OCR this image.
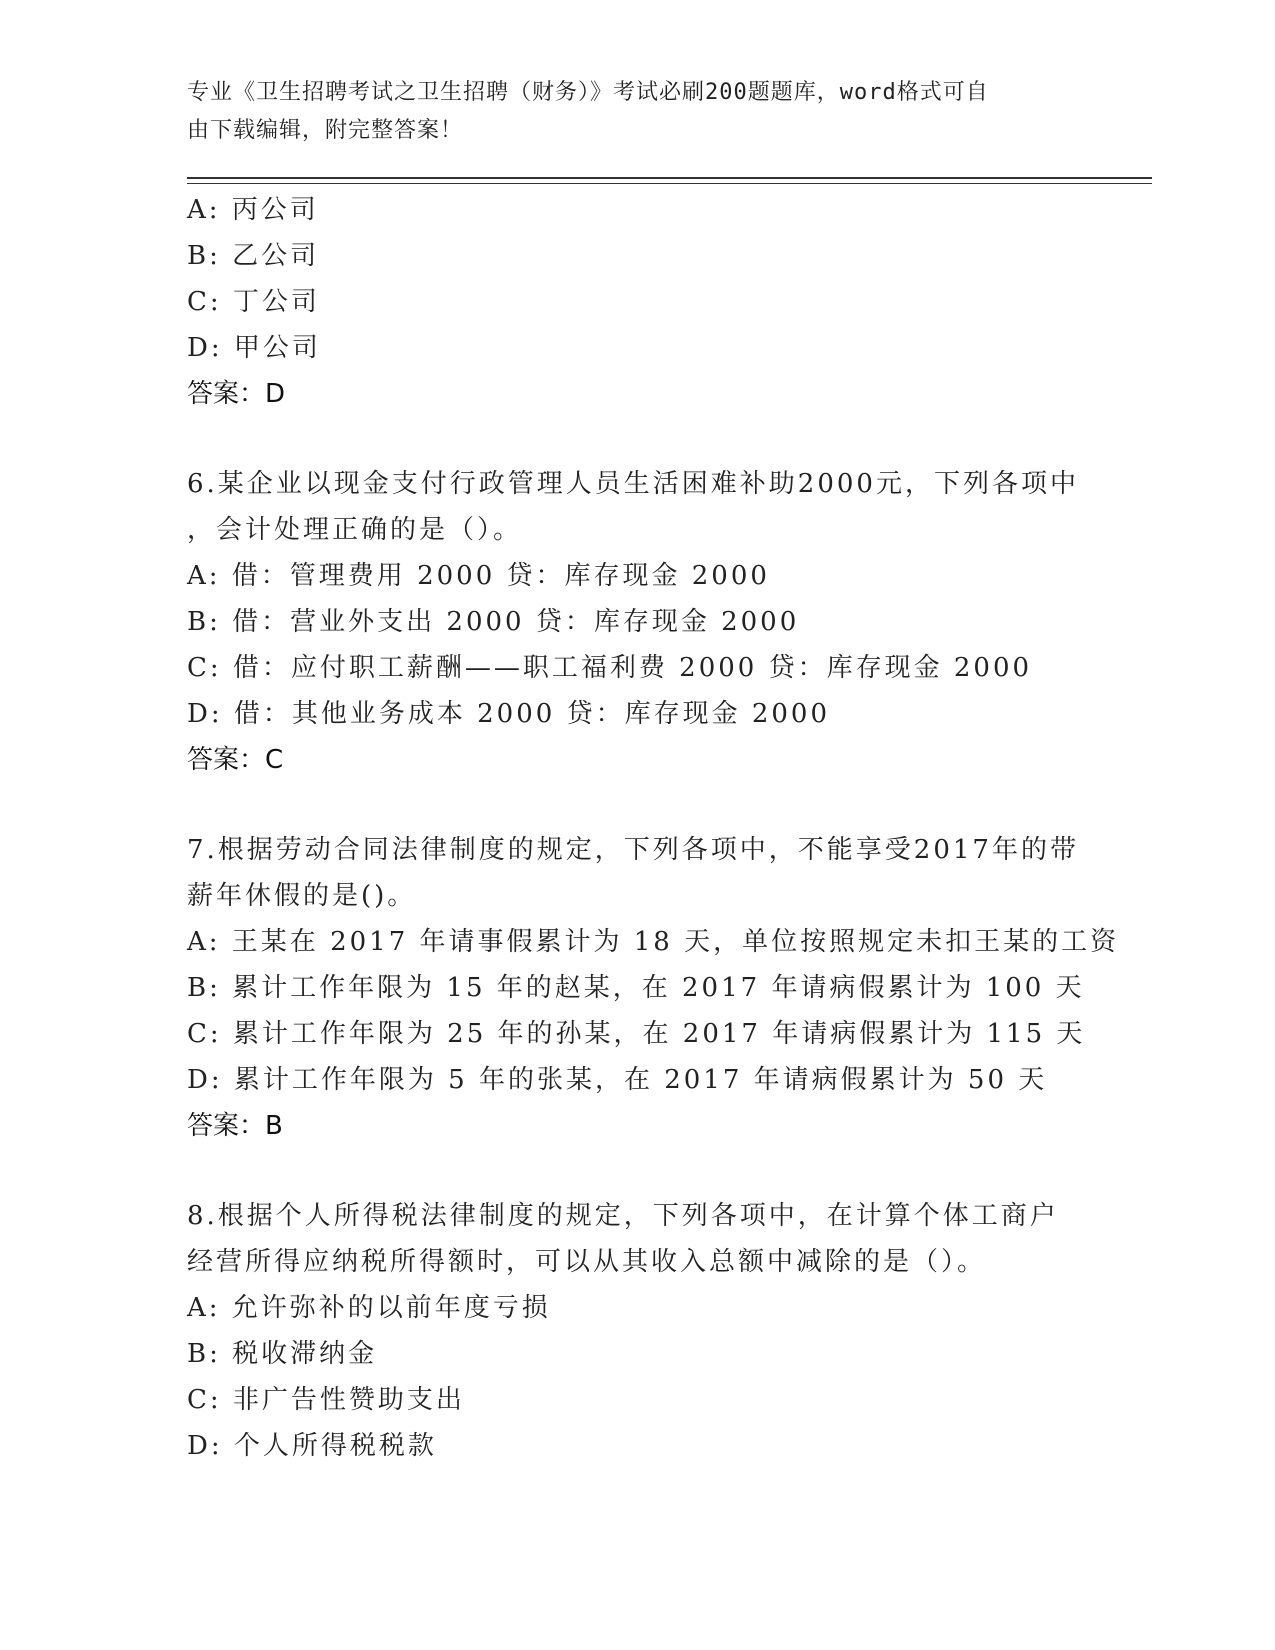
专业《卫生招聘考试之卫生招聘（财务）》考试必刷200题题库，word格式可自
由下载编辑，附完整答案！
A: 丙公司
B: 乙公司
C: 丁公司
D: 甲公司
答案：D
6.某企业以现金支付行政管理人员生活困难补助2000元，下列各项中
，会计处理正确的是（）。
A: 借：管理费用 2000 贷：库存现金 2000
B: 借：营业外支出 2000 贷：库存现金 2000
C: 借：应付职工薪酬——职工福利费 2000 贷：库存现金 2000
D: 借：其他业务成本 2000 贷：库存现金 2000
答案：C
7.根据劳动合同法律制度的规定，下列各项中，不能享受2017年的带
薪年休假的是()。
A: 王某在 2017 年请事假累计为 18 天，单位按照规定未扣王某的工资
B: 累计工作年限为 15 年的赵某，在 2017 年请病假累计为 100 天
C: 累计工作年限为 25 年的孙某，在 2017 年请病假累计为 115 天
D: 累计工作年限为 5 年的张某，在 2017 年请病假累计为 50 天
答案：B
8.根据个人所得税法律制度的规定，下列各项中，在计算个体工商户
经营所得应纳税所得额时，可以从其收入总额中减除的是（）。
A: 允许弥补的以前年度亏损
B: 税收滞纳金
C: 非广告性赞助支出
D: 个人所得税税款
